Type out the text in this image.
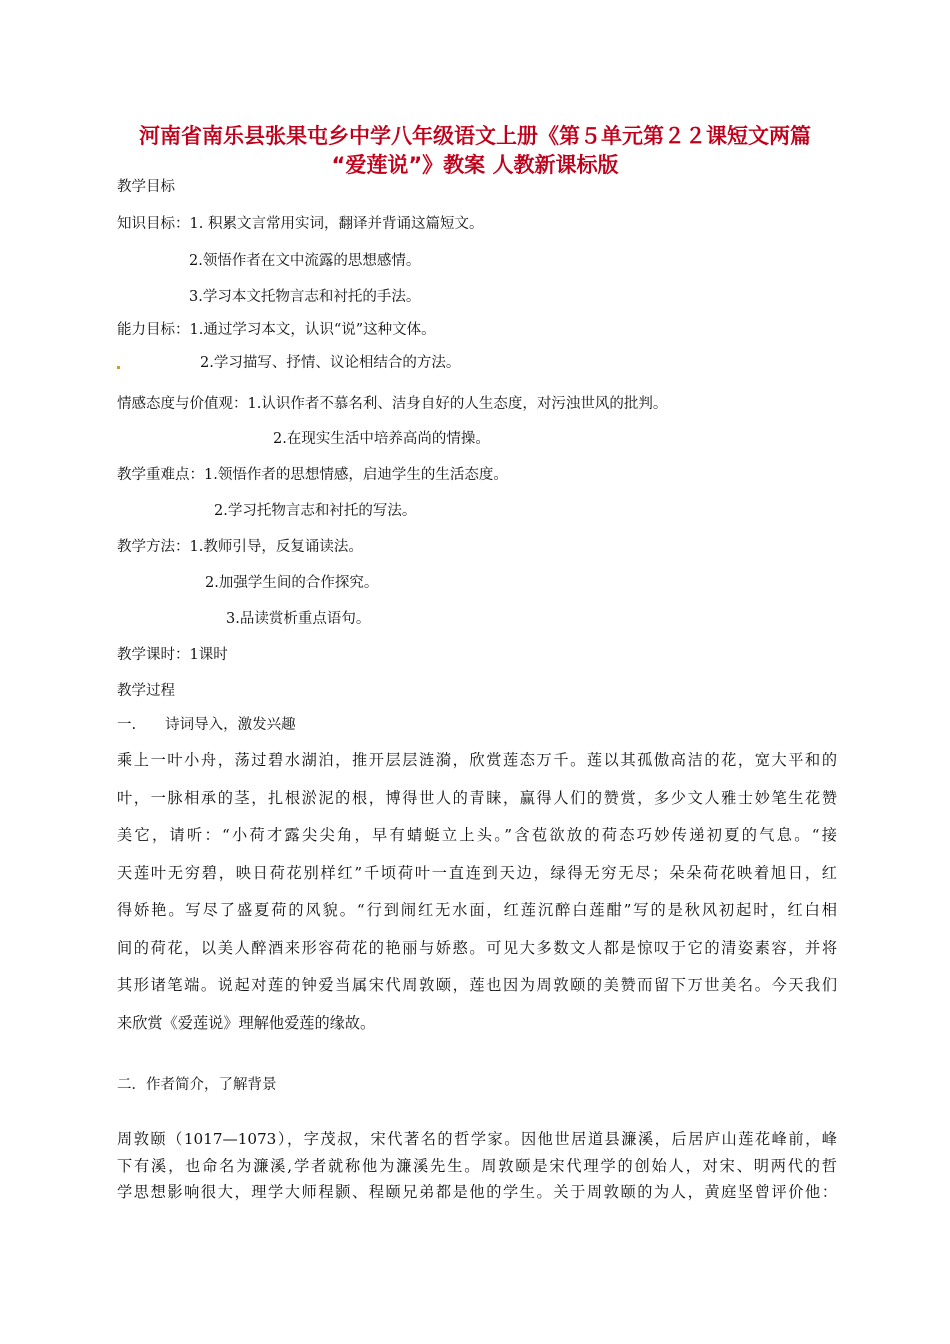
河南省南乐县张果屯乡中学八年级语文上册《第５单元第２２课短文两篇
“爱莲说”》教案 人教新课标版
教学目标
知识目标：1. 积累文言常用实词，翻译并背诵这篇短文。
2.领悟作者在文中流露的思想感情。
3.学习本文托物言志和衬托的手法。
能力目标：1.通过学习本文，认识“说”这种文体。
2.学习描写、抒情、议论相结合的方法。
情感态度与价值观：1.认识作者不慕名利、洁身自好的人生态度，对污浊世风的批判。
2.在现实生活中培养高尚的情操。
教学重难点：1.领悟作者的思想情感，启迪学生的生活态度。
2.学习托物言志和衬托的写法。
教学方法：1.教师引导，反复诵读法。
2.加强学生间的合作探究。
3.品读赏析重点语句。
教学课时：1课时
教学过程
一.　　诗词导入，激发兴趣
乘上一叶小舟，荡过碧水湖泊，推开层层涟漪，欣赏莲态万千。莲以其孤傲高洁的花，宽大平和的
叶，一脉相承的茎，扎根淤泥的根，博得世人的青睐，赢得人们的赞赏，多少文人雅士妙笔生花赞
美它，请听：“小荷才露尖尖角，早有蜻蜓立上头。”含苞欲放的荷态巧妙传递初夏的气息。“接
天莲叶无穷碧，映日荷花别样红”千顷荷叶一直连到天边，绿得无穷无尽；朵朵荷花映着旭日，红
得娇艳。写尽了盛夏荷的风貌。“行到闹红无水面，红莲沉醉白莲酣”写的是秋风初起时，红白相
间的荷花，以美人醉酒来形容荷花的艳丽与娇憨。可见大多数文人都是惊叹于它的清姿素容，并将
其形诸笔端。说起对莲的钟爱当属宋代周敦颐，莲也因为周敦颐的美赞而留下万世美名。今天我们
来欣赏《爱莲说》理解他爱莲的缘故。
二．作者简介，了解背景
周敦颐（1017—1073），字茂叔，宋代著名的哲学家。因他世居道县濂溪，后居庐山莲花峰前，峰
下有溪，也命名为濂溪,学者就称他为濂溪先生。周敦颐是宋代理学的创始人，对宋、明两代的哲
学思想影响很大，理学大师程颢、程颐兄弟都是他的学生。关于周敦颐的为人，黄庭坚曾评价他：
